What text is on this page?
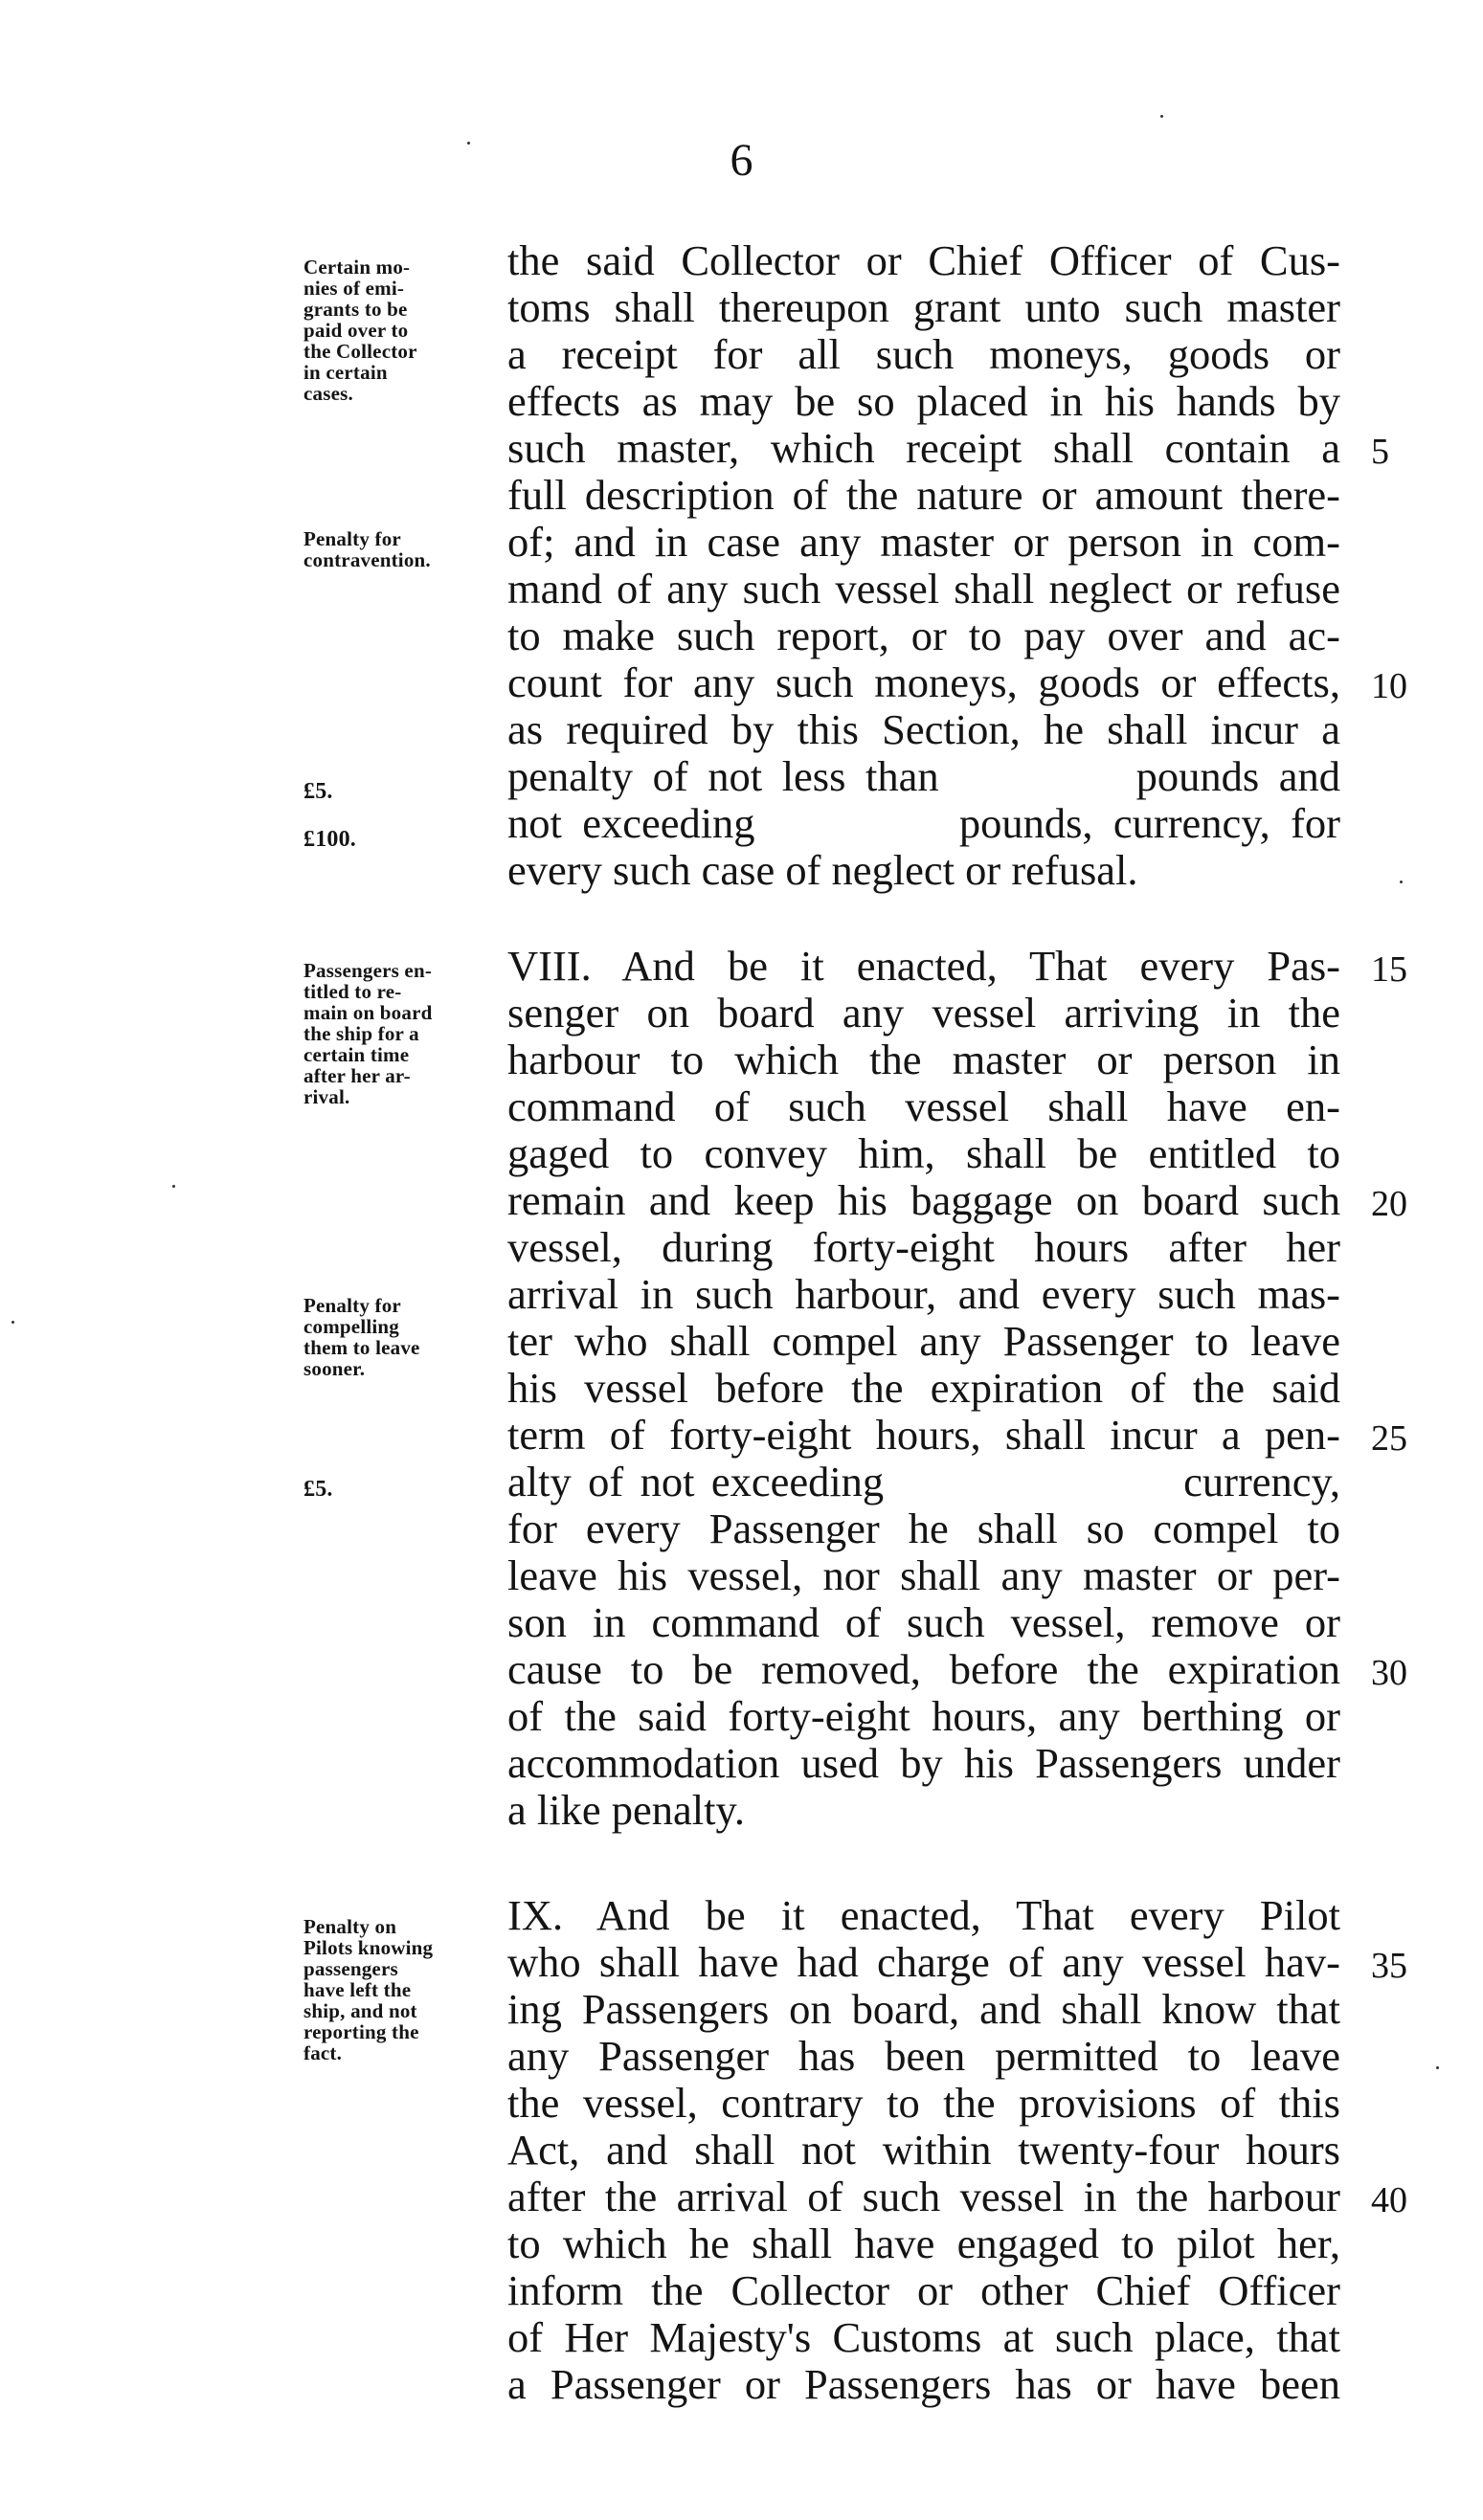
6
Certain mo-
nies of emi-
grants to be
paid over to
the Collector
in certain
cases.
Penalty for
contravention.
£5.
£100.
Passengers en-
titled to re-
main on board
the ship for a
certain time
after her ar-
rival.
Penalty for
compelling
them to leave
sooner.
£5.
Penalty on
Pilots knowing
passengers
have left the
ship, and not
reporting the
fact.
the said Collector or Chief Officer of Cus-
toms shall thereupon grant unto such master
a receipt for all such moneys, goods or
effects as may be so placed in his hands by
such master, which receipt shall contain a
full description of the nature or amount there-
of; and in case any master or person in com-
mand of any such vessel shall neglect or refuse
to make such report, or to pay over and ac-
count for any such moneys, goods or effects,
as required by this Section, he shall incur a
penalty of not less than          pounds and
not exceeding          pounds, currency, for
every such case of neglect or refusal.
VIII. And be it enacted, That every Pas-
senger on board any vessel arriving in the
harbour to which the master or person in
command of such vessel shall have en-
gaged to convey him, shall be entitled to
remain and keep his baggage on board such
vessel, during forty-eight hours after her
arrival in such harbour, and every such mas-
ter who shall compel any Passenger to leave
his vessel before the expiration of the said
term of forty-eight hours, shall incur a pen-
alty of not exceeding                  currency,
for every Passenger he shall so compel to
leave his vessel, nor shall any master or per-
son in command of such vessel, remove or
cause to be removed, before the expiration
of the said forty-eight hours, any berthing or
accommodation used by his Passengers under
a like penalty.
IX. And be it enacted, That every Pilot
who shall have had charge of any vessel hav-
ing Passengers on board, and shall know that
any Passenger has been permitted to leave
the vessel, contrary to the provisions of this
Act, and shall not within twenty-four hours
after the arrival of such vessel in the harbour
to which he shall have engaged to pilot her,
inform the Collector or other Chief Officer
of Her Majesty's Customs at such place, that
a Passenger or Passengers has or have been
5
10
15
20
25
30
35
40
